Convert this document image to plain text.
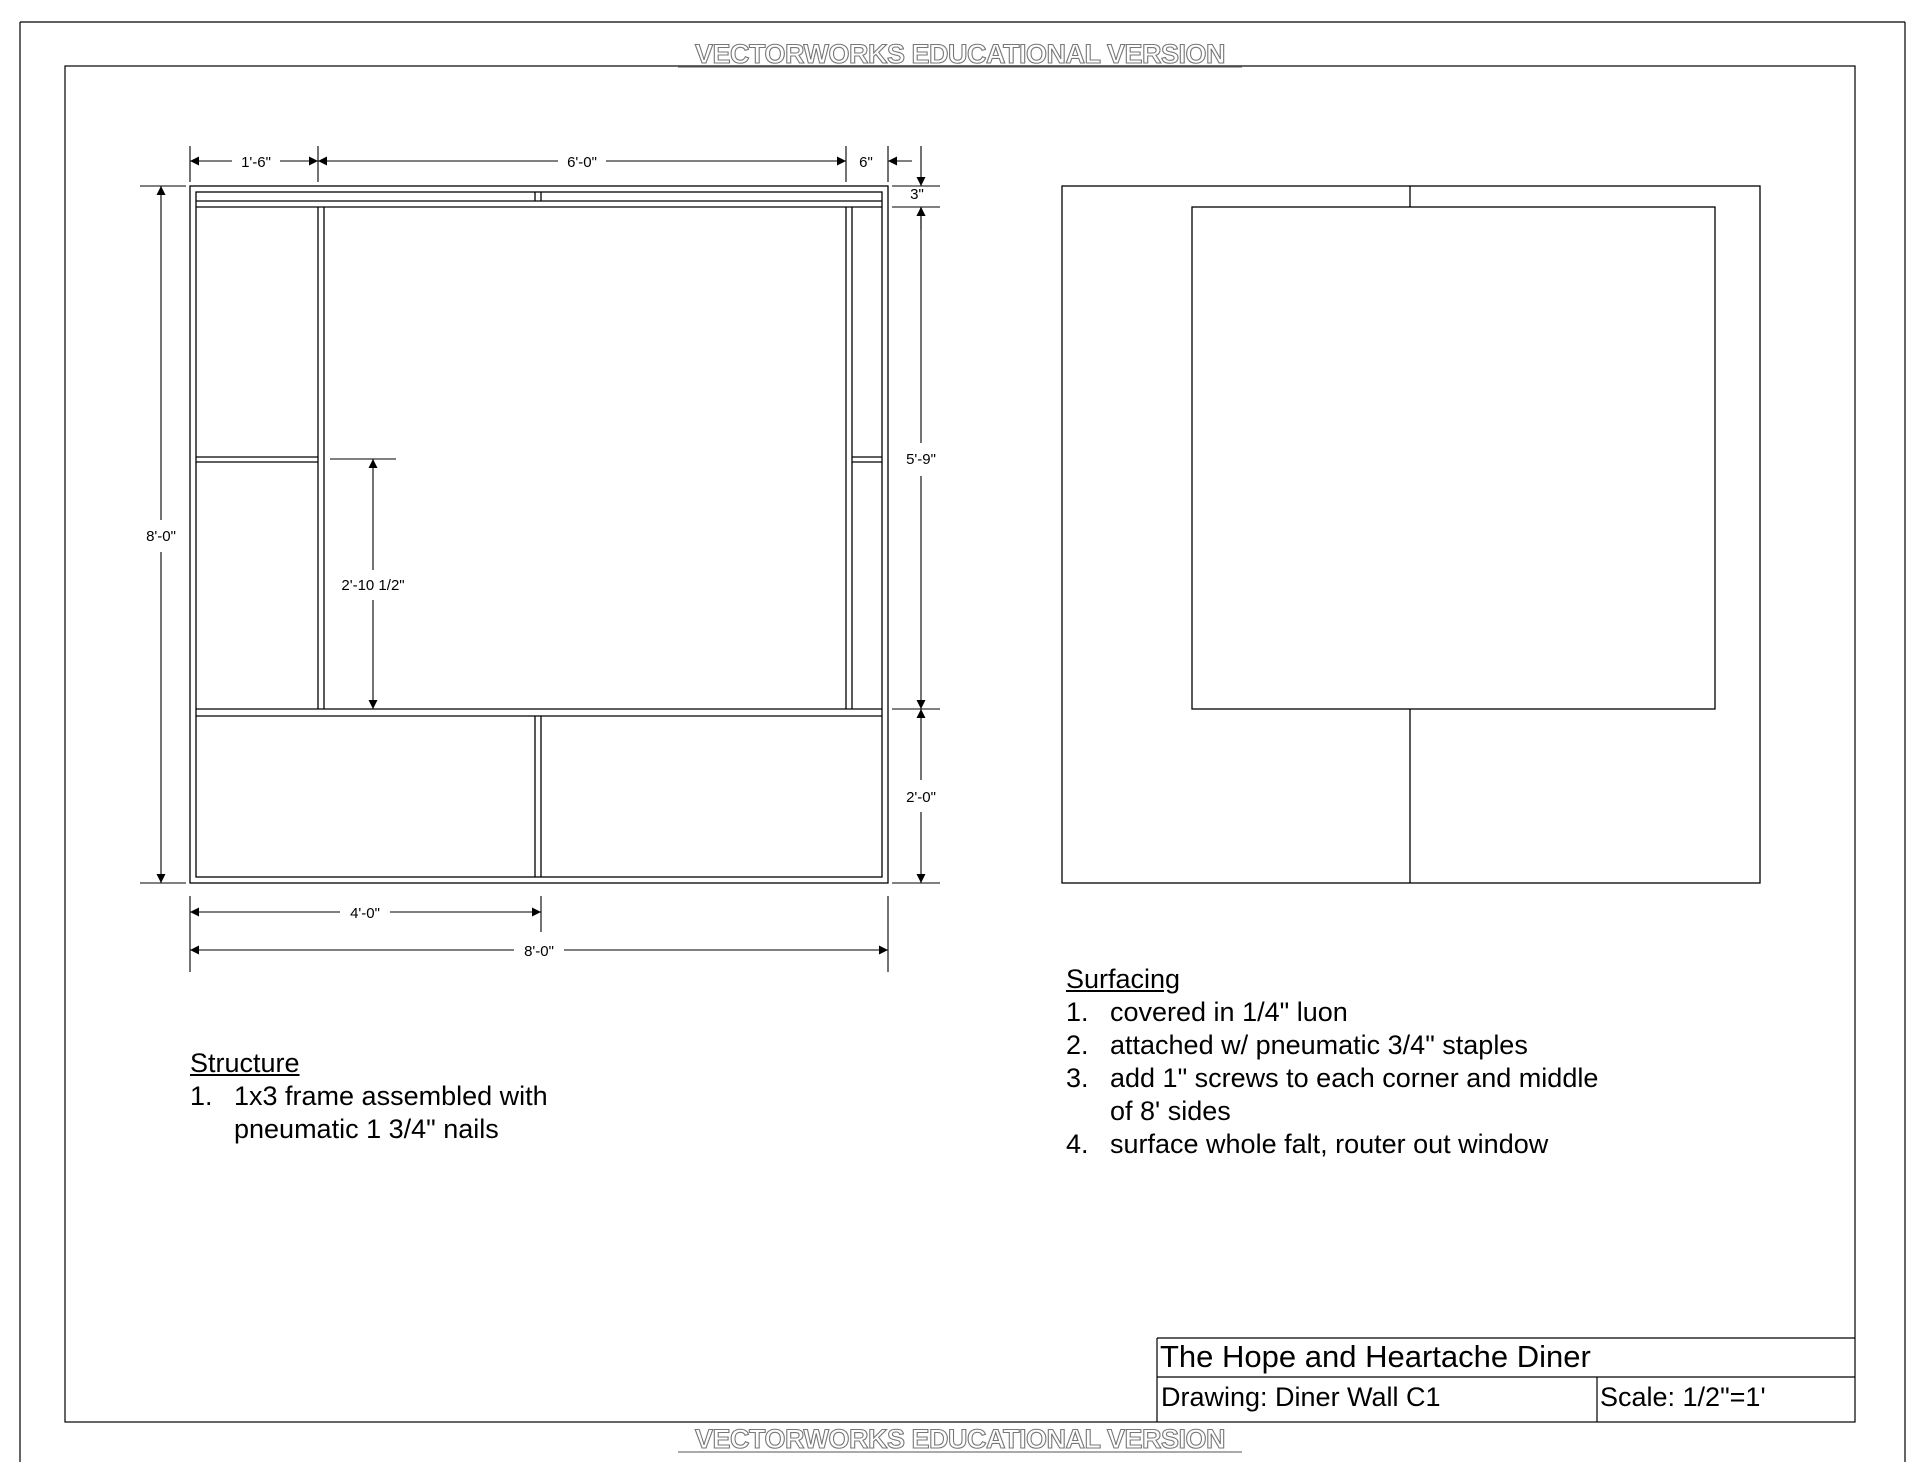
VECTORWORKS EDUCATIONAL VERSION
VECTORWORKS EDUCATIONAL VERSION
1'-6"	6'-0"	6"
3"
5'-9"
2'-0"
8'-0"
2'-10 1/2"
4'-0"
8'-0"
Structure
1. 1x3 frame assembled with pneumatic 1 3/4" nails
Surfacing
1. covered in 1/4" luon
2. attached w/ pneumatic 3/4" staples
3. add 1" screws to each corner and middle of 8' sides
4. surface whole falt, router out window
The Hope and Heartache Diner
Drawing: Diner Wall C1	Scale: 1/2"=1'
